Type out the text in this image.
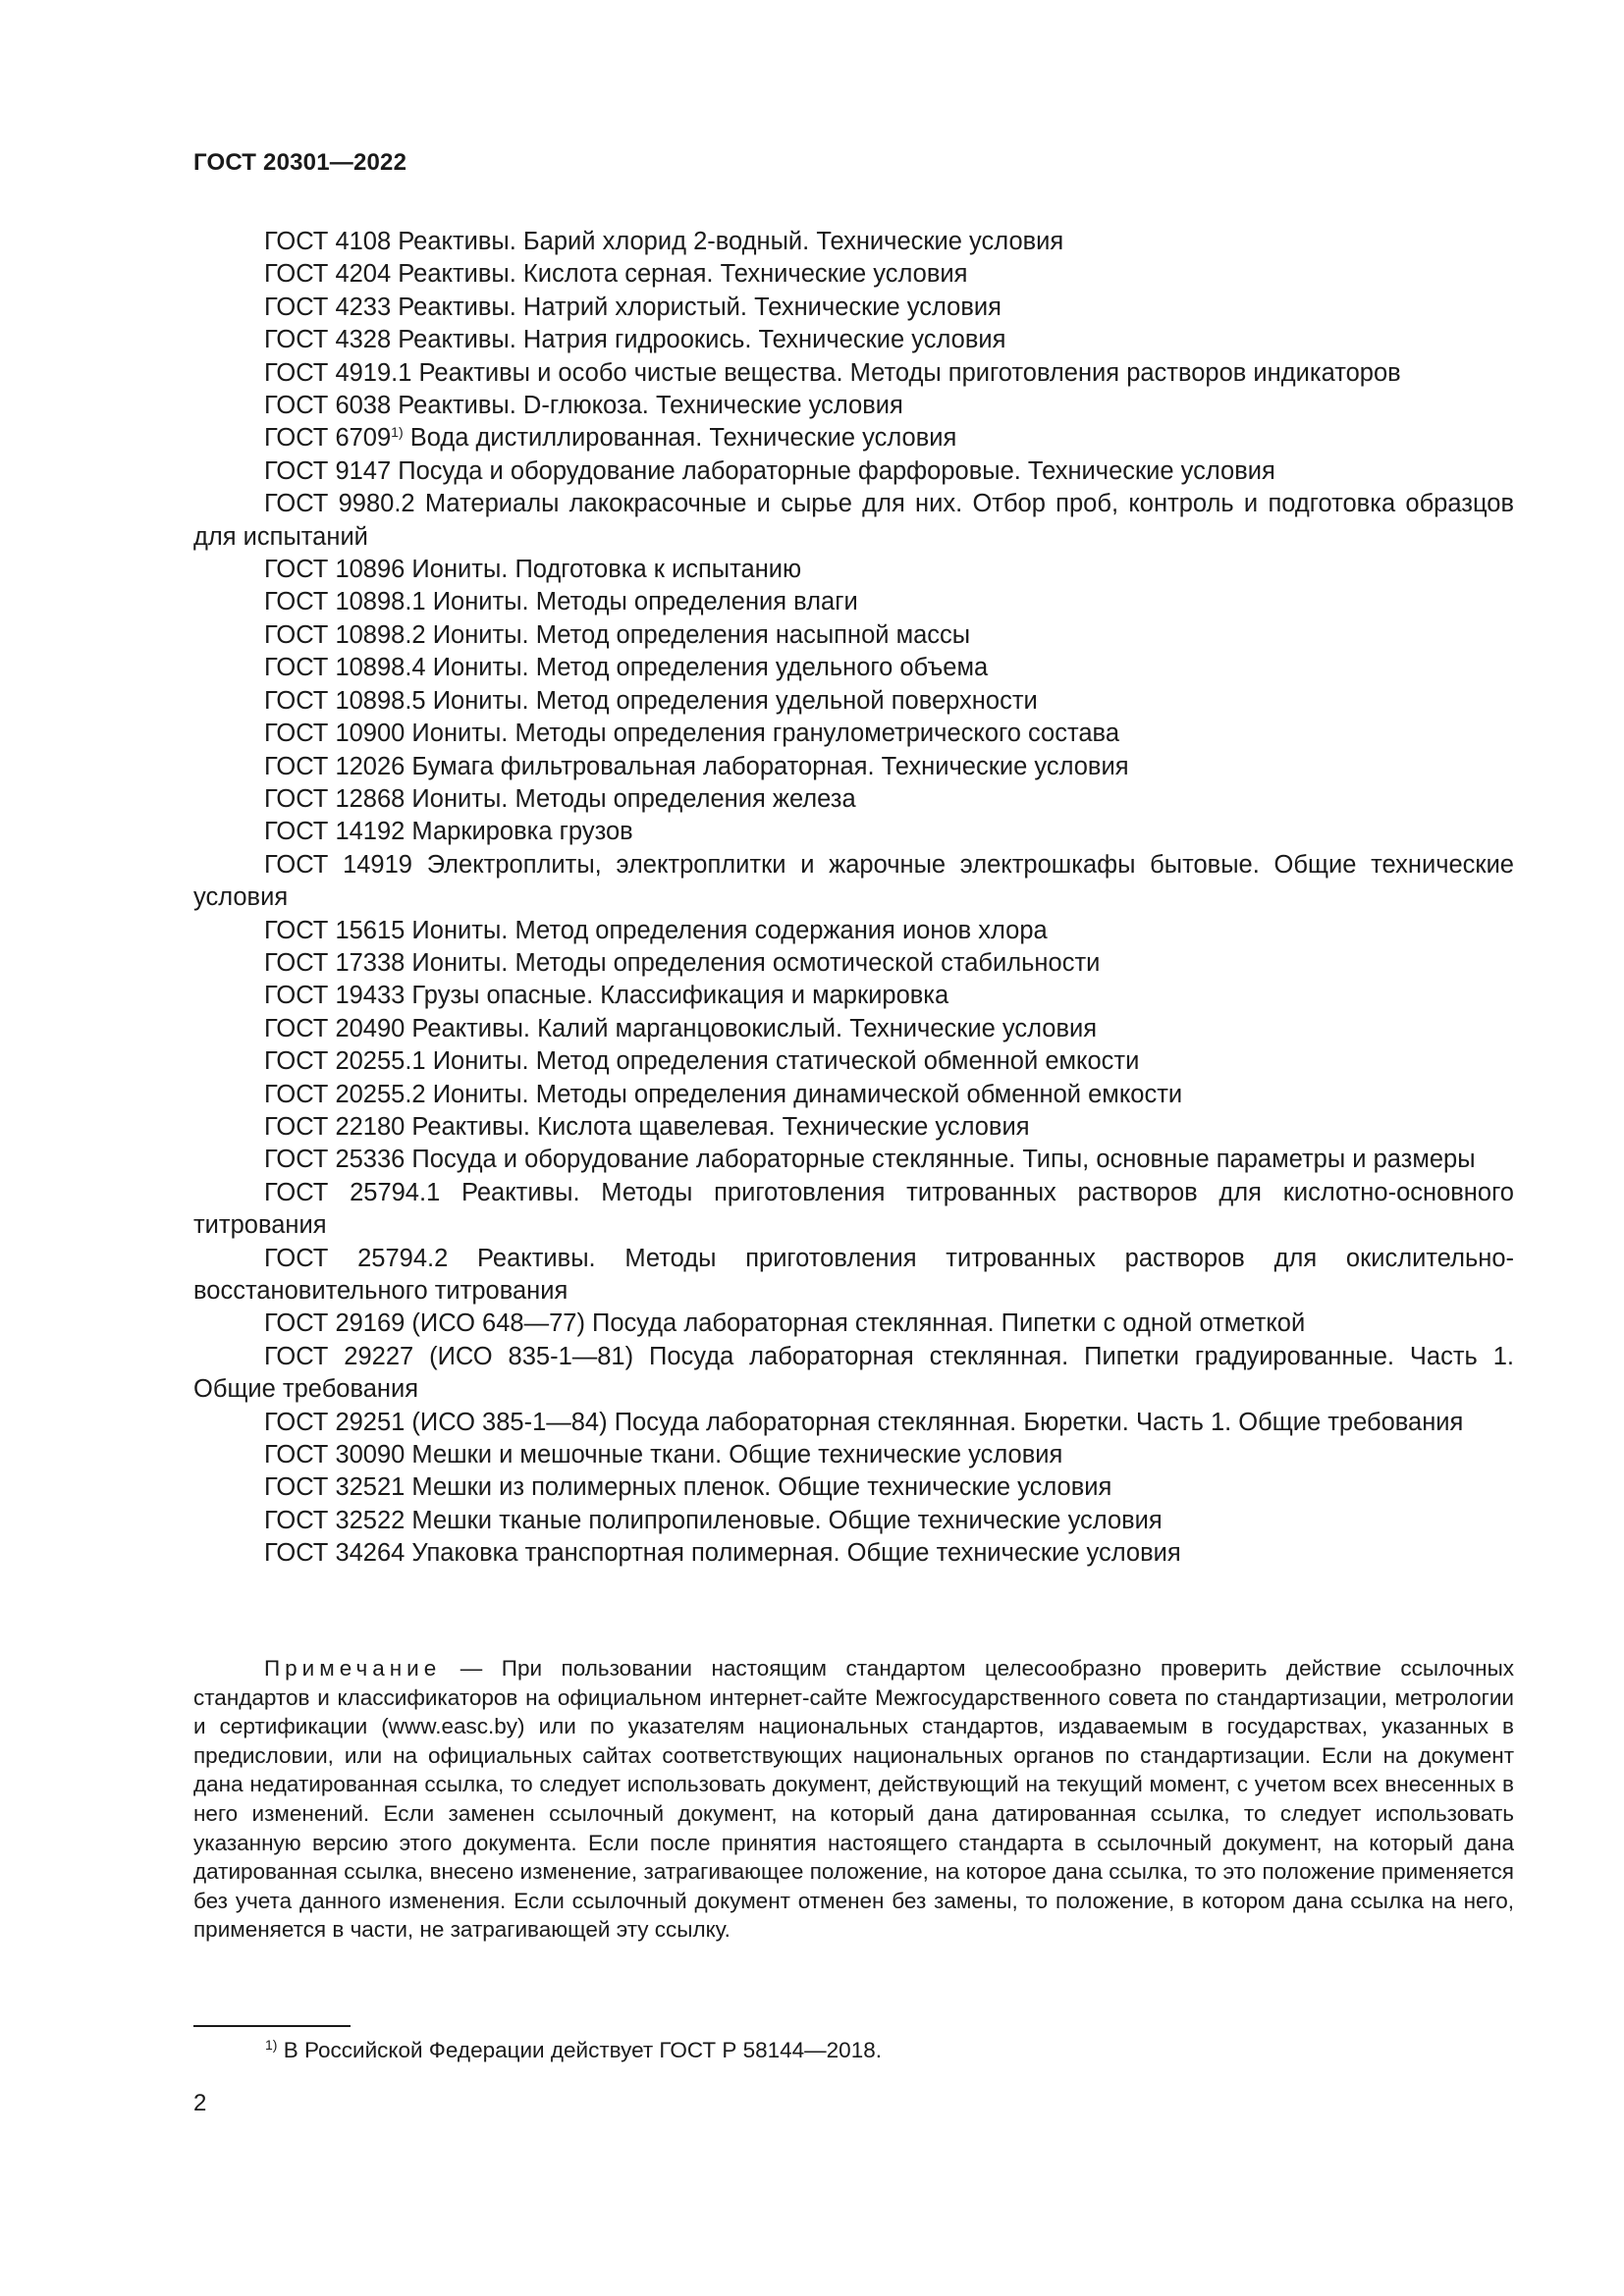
ГОСТ 20301—2022
ГОСТ 4108 Реактивы. Барий хлорид 2-водный. Технические условия
ГОСТ 4204 Реактивы. Кислота серная. Технические условия
ГОСТ 4233 Реактивы. Натрий хлористый. Технические условия
ГОСТ 4328 Реактивы. Натрия гидроокись. Технические условия
ГОСТ 4919.1 Реактивы и особо чистые вещества. Методы приготовления растворов индикаторов
ГОСТ 6038 Реактивы. D-глюкоза. Технические условия
ГОСТ 6709$^{1)}$ Вода дистиллированная. Технические условия
ГОСТ 9147 Посуда и оборудование лабораторные фарфоровые. Технические условия
ГОСТ 9980.2 Материалы лакокрасочные и сырье для них. Отбор проб, контроль и подготовка образцов для испытаний
ГОСТ 10896 Иониты. Подготовка к испытанию
ГОСТ 10898.1 Иониты. Методы определения влаги
ГОСТ 10898.2 Иониты. Метод определения насыпной массы
ГОСТ 10898.4 Иониты. Метод определения удельного объема
ГОСТ 10898.5 Иониты. Метод определения удельной поверхности
ГОСТ 10900 Иониты. Методы определения гранулометрического состава
ГОСТ 12026 Бумага фильтровальная лабораторная. Технические условия
ГОСТ 12868 Иониты. Методы определения железа
ГОСТ 14192 Маркировка грузов
ГОСТ 14919 Электроплиты, электроплитки и жарочные электрошкафы бытовые. Общие технические условия
ГОСТ 15615 Иониты. Метод определения содержания ионов хлора
ГОСТ 17338 Иониты. Методы определения осмотической стабильности
ГОСТ 19433 Грузы опасные. Классификация и маркировка
ГОСТ 20490 Реактивы. Калий марганцовокислый. Технические условия
ГОСТ 20255.1 Иониты. Метод определения статической обменной емкости
ГОСТ 20255.2 Иониты. Методы определения динамической обменной емкости
ГОСТ 22180 Реактивы. Кислота щавелевая. Технические условия
ГОСТ 25336 Посуда и оборудование лабораторные стеклянные. Типы, основные параметры и размеры
ГОСТ 25794.1 Реактивы. Методы приготовления титрованных растворов для кислотно-основного титрования
ГОСТ 25794.2 Реактивы. Методы приготовления титрованных растворов для окислительно-восстановительного титрования
ГОСТ 29169 (ИСО 648—77) Посуда лабораторная стеклянная. Пипетки с одной отметкой
ГОСТ 29227 (ИСО 835-1—81) Посуда лабораторная стеклянная. Пипетки градуированные. Часть 1. Общие требования
ГОСТ 29251 (ИСО 385-1—84) Посуда лабораторная стеклянная. Бюретки. Часть 1. Общие требования
ГОСТ 30090 Мешки и мешочные ткани. Общие технические условия
ГОСТ 32521 Мешки из полимерных пленок. Общие технические условия
ГОСТ 32522 Мешки тканые полипропиленовые. Общие технические условия
ГОСТ 34264 Упаковка транспортная полимерная. Общие технические условия
Примечание — При пользовании настоящим стандартом целесообразно проверить действие ссылочных стандартов и классификаторов на официальном интернет-сайте Межгосударственного совета по стандартизации, метрологии и сертификации (www.easc.by) или по указателям национальных стандартов, издаваемым в государствах, указанных в предисловии, или на официальных сайтах соответствующих национальных органов по стандартизации. Если на документ дана недатированная ссылка, то следует использовать документ, действующий на текущий момент, с учетом всех внесенных в него изменений. Если заменен ссылочный документ, на который дана датированная ссылка, то следует использовать указанную версию этого документа. Если после принятия настоящего стандарта в ссылочный документ, на который дана датированная ссылка, внесено изменение, затрагивающее положение, на которое дана ссылка, то это положение применяется без учета данного изменения. Если ссылочный документ отменен без замены, то положение, в котором дана ссылка на него, применяется в части, не затрагивающей эту ссылку.
$^{1)}$ В Российской Федерации действует ГОСТ Р 58144—2018.
2
